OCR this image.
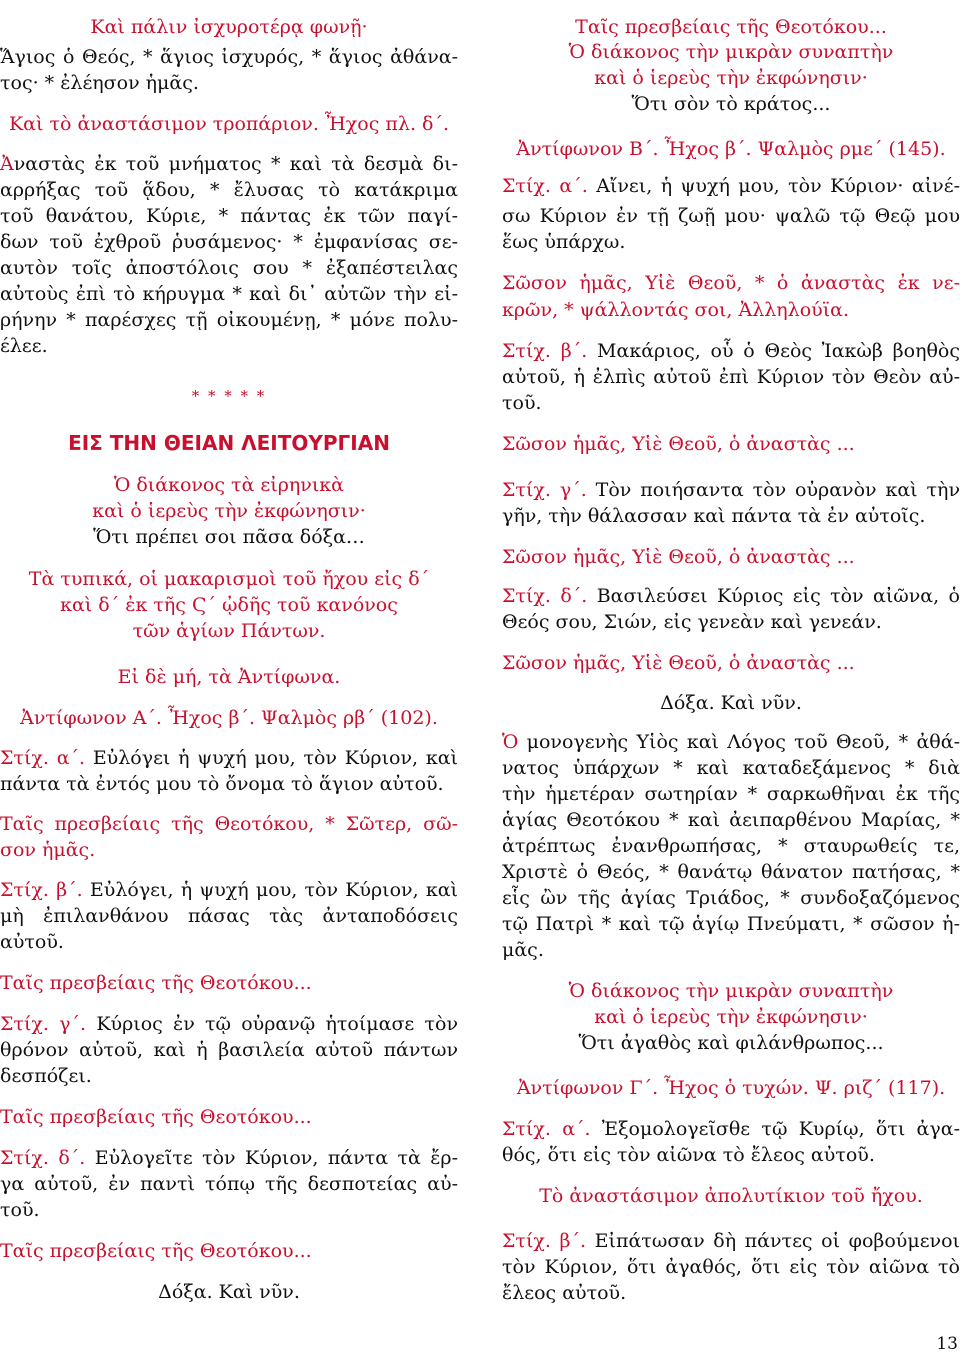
Καὶ πάλιν ἰσχυροτέρᾳ φωνῇ·
Ἅγιος ὁ Θεός, * ἅγιος ἰσχυρός, * ἅγιος ἀθάνα-
τος· * ἐλέησον ἡμᾶς.
Καὶ τὸ ἀναστάσιμον τροπάριον. Ἦχος πλ. δ΄.
Ἀναστὰς ἐκ τοῦ μνήματος * καὶ τὰ δεσμὰ δι-
αρρήξας τοῦ ᾅδου, * ἔλυσας τὸ κατάκριμα
τοῦ θανάτου, Κύριε, * πάντας ἐκ τῶν παγί-
δων τοῦ ἐχθροῦ ῥυσάμενος· * ἐμφανίσας σε-
αυτὸν τοῖς ἀποστόλοις σου * ἐξαπέστειλας
αὐτοὺς ἐπὶ τὸ κήρυγμα * καὶ δι᾿ αὐτῶν τὴν εἰ-
ρήνην * παρέσχες τῇ οἰκουμένῃ, * μόνε πολυ-
έλεε.
* * * * *
ΕΙΣ ΤΗΝ ΘΕΙΑΝ ΛΕΙΤΟΥΡΓΙΑΝ
Ὁ διάκονος τὰ εἰρηνικὰ
καὶ ὁ ἱερεὺς τὴν ἐκφώνησιν·
Ὅτι πρέπει σοι πᾶσα δόξα…
Τὰ τυπικά, οἱ μακαρισμοὶ τοῦ ἤχου εἰς δ΄
καὶ δ΄ ἐκ τῆς Ϛ΄ ᾠδῆς τοῦ κανόνος
τῶν ἁγίων Πάντων.
Εἰ δὲ μή, τὰ Ἀντίφωνα.
Ἀντίφωνον Α΄. Ἦχος β΄. Ψαλμὸς ρβ΄ (102).
Στίχ. α΄. Εὐλόγει ἡ ψυχή μου, τὸν Κύριον, καὶ
πάντα τὰ ἐντός μου τὸ ὄνομα τὸ ἅγιον αὐτοῦ.
Ταῖς πρεσβείαις τῆς Θεοτόκου, * Σῶτερ, σῶ-
σον ἡμᾶς.
Στίχ. β΄. Εὐλόγει, ἡ ψυχή μου, τὸν Κύριον, καὶ
μὴ ἐπιλανθάνου πάσας τὰς ἀνταποδόσεις
αὐτοῦ.
Ταῖς πρεσβείαις τῆς Θεοτόκου...
Στίχ. γ΄. Κύριος ἐν τῷ οὐρανῷ ἡτοίμασε τὸν
θρόνον αὐτοῦ, καὶ ἡ βασιλεία αὐτοῦ πάντων
δεσπόζει.
Ταῖς πρεσβείαις τῆς Θεοτόκου...
Στίχ. δ΄. Εὐλογεῖτε τὸν Κύριον, πάντα τὰ ἔρ-
γα αὐτοῦ, ἐν παντὶ τόπῳ τῆς δεσποτείας αὐ-
τοῦ.
Ταῖς πρεσβείαις τῆς Θεοτόκου...
Δόξα. Καὶ νῦν.
Ταῖς πρεσβείαις τῆς Θεοτόκου...
Ὁ διάκονος τὴν μικρὰν συναπτὴν
καὶ ὁ ἱερεὺς τὴν ἐκφώνησιν·
Ὅτι σὸν τὸ κράτος...
Ἀντίφωνον Β΄. Ἦχος β΄. Ψαλμὸς ρμε΄ (145).
Στίχ. α΄. Αἴνει, ἡ ψυχή μου, τὸν Κύριον· αἰνέ-
σω Κύριον ἐν τῇ ζωῇ μου· ψαλῶ τῷ Θεῷ μου
ἕως ὑπάρχω.
Σῶσον ἡμᾶς, Υἱὲ Θεοῦ, * ὁ ἀναστὰς ἐκ νε-
κρῶν, * ψάλλοντάς σοι, Ἀλληλούϊα.
Στίχ. β΄. Μακάριος, οὗ ὁ Θεὸς Ἰακὼβ βοηθὸς
αὐτοῦ, ἡ ἐλπὶς αὐτοῦ ἐπὶ Κύριον τὸν Θεὸν αὐ-
τοῦ.
Σῶσον ἡμᾶς, Υἱὲ Θεοῦ, ὁ ἀναστὰς ...
Στίχ. γ΄. Τὸν ποιήσαντα τὸν οὐρανὸν καὶ τὴν
γῆν, τὴν θάλασσαν καὶ πάντα τὰ ἐν αὐτοῖς.
Σῶσον ἡμᾶς, Υἱὲ Θεοῦ, ὁ ἀναστὰς ...
Στίχ. δ΄. Βασιλεύσει Κύριος εἰς τὸν αἰῶνα, ὁ
Θεός σου, Σιών, εἰς γενεὰν καὶ γενεάν.
Σῶσον ἡμᾶς, Υἱὲ Θεοῦ, ὁ ἀναστὰς ...
Δόξα. Καὶ νῦν.
Ὁ μονογενὴς Υἱὸς καὶ Λόγος τοῦ Θεοῦ, * ἀθά-
νατος ὑπάρχων * καὶ καταδεξάμενος * διὰ
τὴν ἡμετέραν σωτηρίαν * σαρκωθῆναι ἐκ τῆς
ἁγίας Θεοτόκου * καὶ ἀειπαρθένου Μαρίας, *
ἀτρέπτως ἐνανθρωπήσας, * σταυρωθείς τε,
Χριστὲ ὁ Θεός, * θανάτῳ θάνατον πατήσας, *
εἷς ὢν τῆς ἁγίας Τριάδος, * συνδοξαζόμενος
τῷ Πατρὶ * καὶ τῷ ἁγίῳ Πνεύματι, * σῶσον ἡ-
μᾶς.
Ὁ διάκονος τὴν μικρὰν συναπτὴν
καὶ ὁ ἱερεὺς τὴν ἐκφώνησιν·
Ὅτι ἀγαθὸς καὶ φιλάνθρωπος...
Ἀντίφωνον Γ΄. Ἦχος ὁ τυχών. Ψ. ριζ΄ (117).
Στίχ. α΄. Ἐξομολογεῖσθε τῷ Κυρίῳ, ὅτι ἀγα-
θός, ὅτι εἰς τὸν αἰῶνα τὸ ἔλεος αὐτοῦ.
Τὸ ἀναστάσιμον ἀπολυτίκιον τοῦ ἤχου.
Στίχ. β΄. Εἰπάτωσαν δὴ πάντες οἱ φοβούμενοι
τὸν Κύριον, ὅτι ἀγαθός, ὅτι εἰς τὸν αἰῶνα τὸ
ἔλεος αὐτοῦ.
13
